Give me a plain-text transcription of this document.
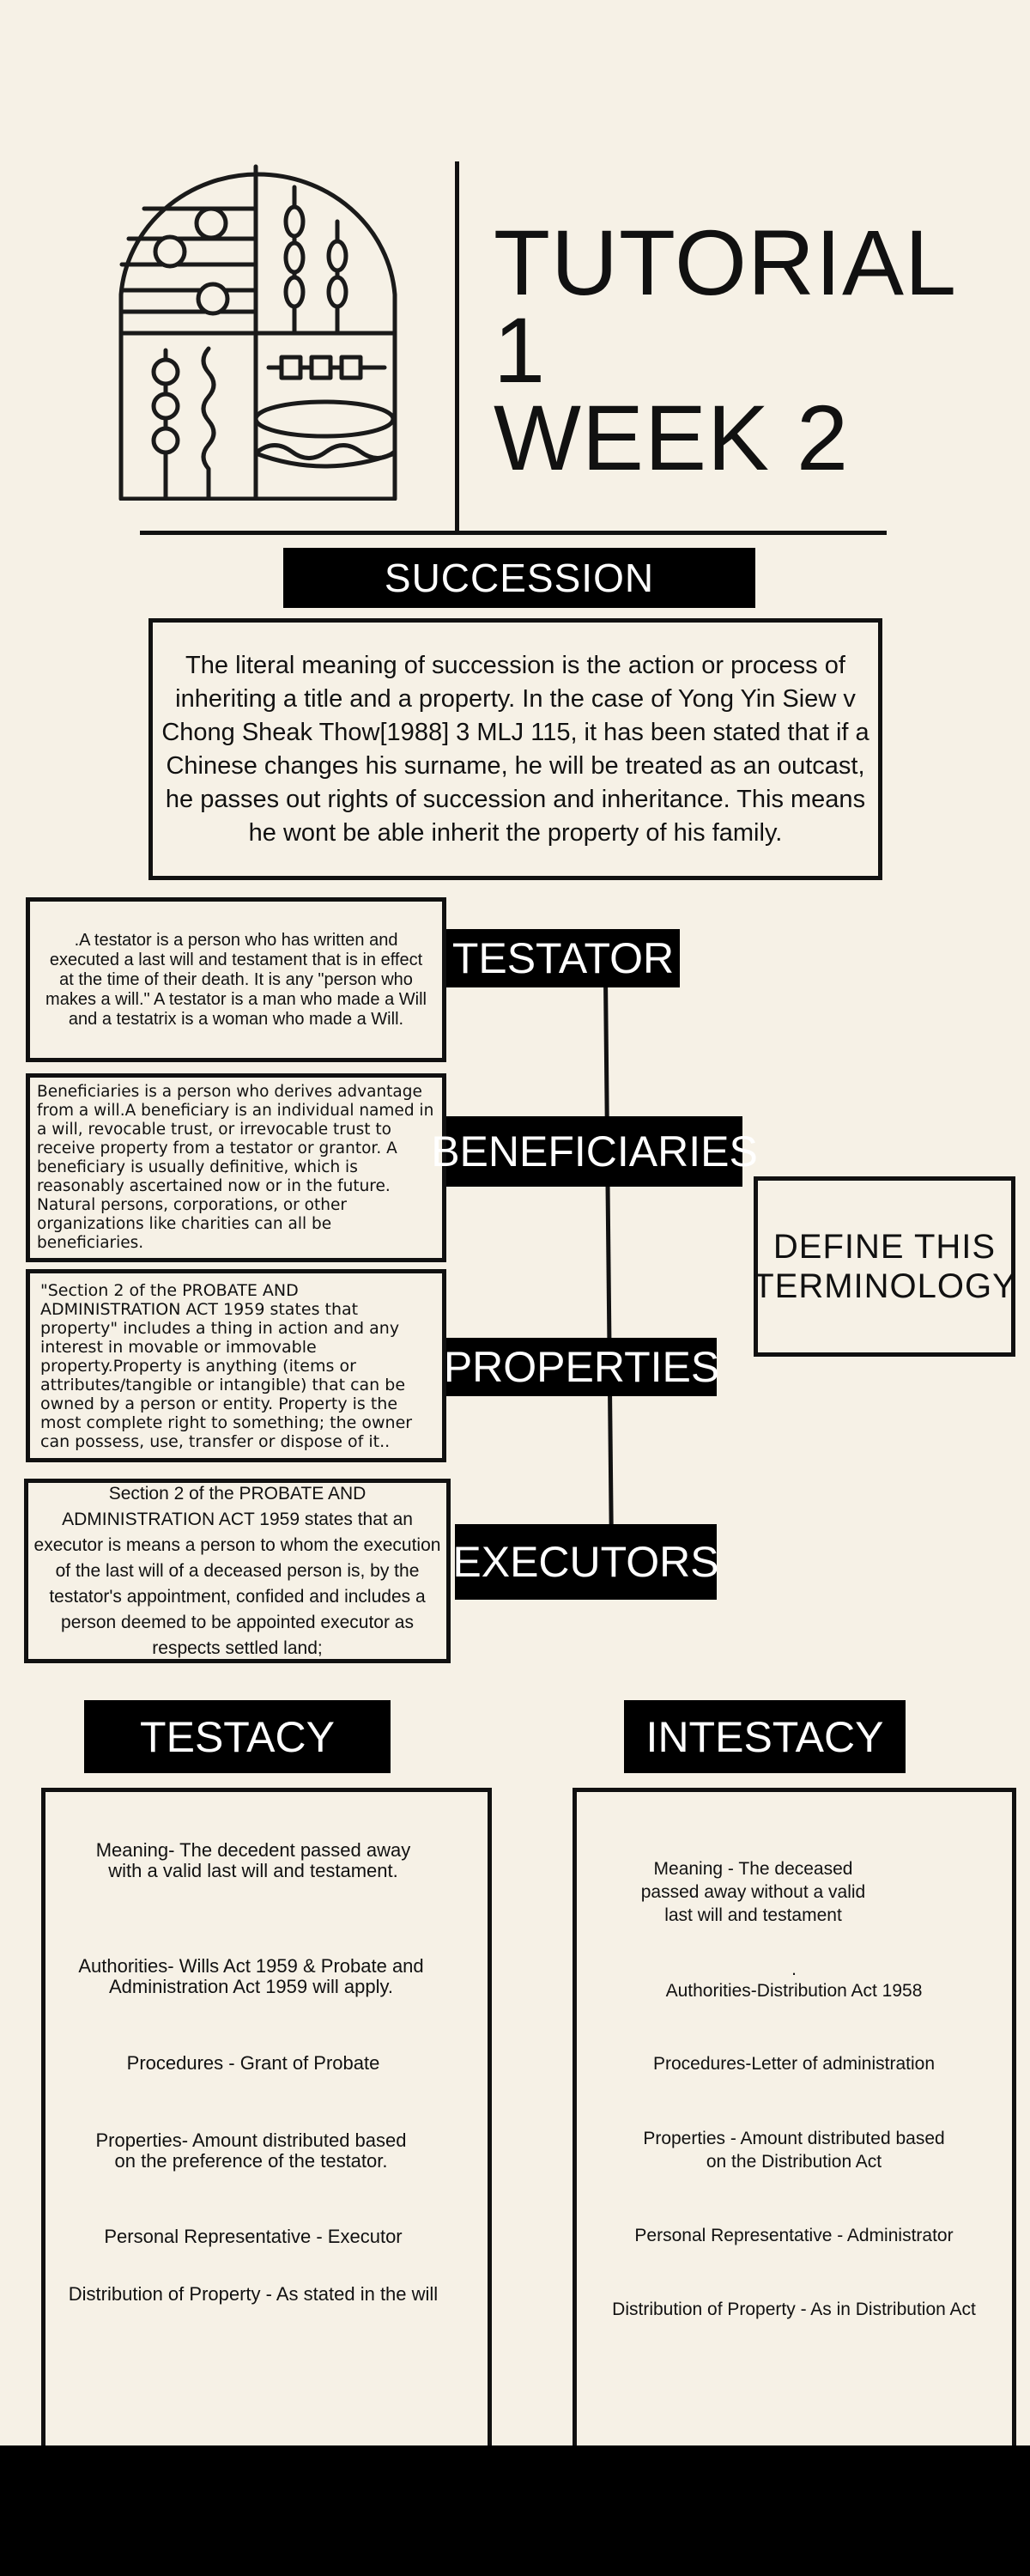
TUTORIAL 1
WEEK 2
SUCCESSION
The literal meaning of succession is the action or process of inheriting a title and a property. In the case of Yong Yin Siew v Chong Sheak Thow[1988] 3 MLJ 115, it has been stated that if a Chinese changes his surname, he will be treated as an outcast, he passes out rights of succession and inheritance. This means he wont be able inherit the property of his family.
.A testator is a person who has written and executed a last will and testament that is in effect at the time of their death. It is any "person who makes a will." A testator is a man who made a Will and a testatrix is a woman who made a Will.
Beneficiaries is a person who derives advantage from a will.A beneficiary is an individual named in a will, revocable trust, or irrevocable trust to receive property from a testator or grantor. A beneficiary is usually definitive, which is reasonably ascertained now or in the future. Natural persons, corporations, or other organizations like charities can all be beneficiaries.
"Section 2 of the PROBATE AND ADMINISTRATION ACT 1959 states that property" includes a thing in action and any interest in movable or immovable property.Property is anything (items or attributes/tangible or intangible) that can be owned by a person or entity. Property is the most complete right to something; the owner can possess, use, transfer or dispose of it..
Section 2 of the PROBATE AND ADMINISTRATION ACT 1959 states that an executor is means a person to whom the execution of the last will of a deceased person is, by the testator's appointment, confided and includes a person deemed to be appointed executor as respects settled land;
TESTATOR
BENEFICIARIES
PROPERTIES
EXECUTORS
DEFINE THIS
TERMINOLOGY
TESTACY	INTESTACY
Meaning- The decedent passed away with a valid last will and testament.
Authorities- Wills Act 1959 & Probate and Administration Act 1959 will apply.
Procedures - Grant of Probate
Properties- Amount distributed based on the preference of the testator.
Personal Representative - Executor
Distribution of Property - As stated in the will
Meaning - The deceased passed away without a valid last will and testament
.
Authorities-Distribution Act 1958
Procedures-Letter of administration
Properties - Amount distributed based on the Distribution Act
Personal Representative - Administrator
Distribution of Property - As in Distribution Act
